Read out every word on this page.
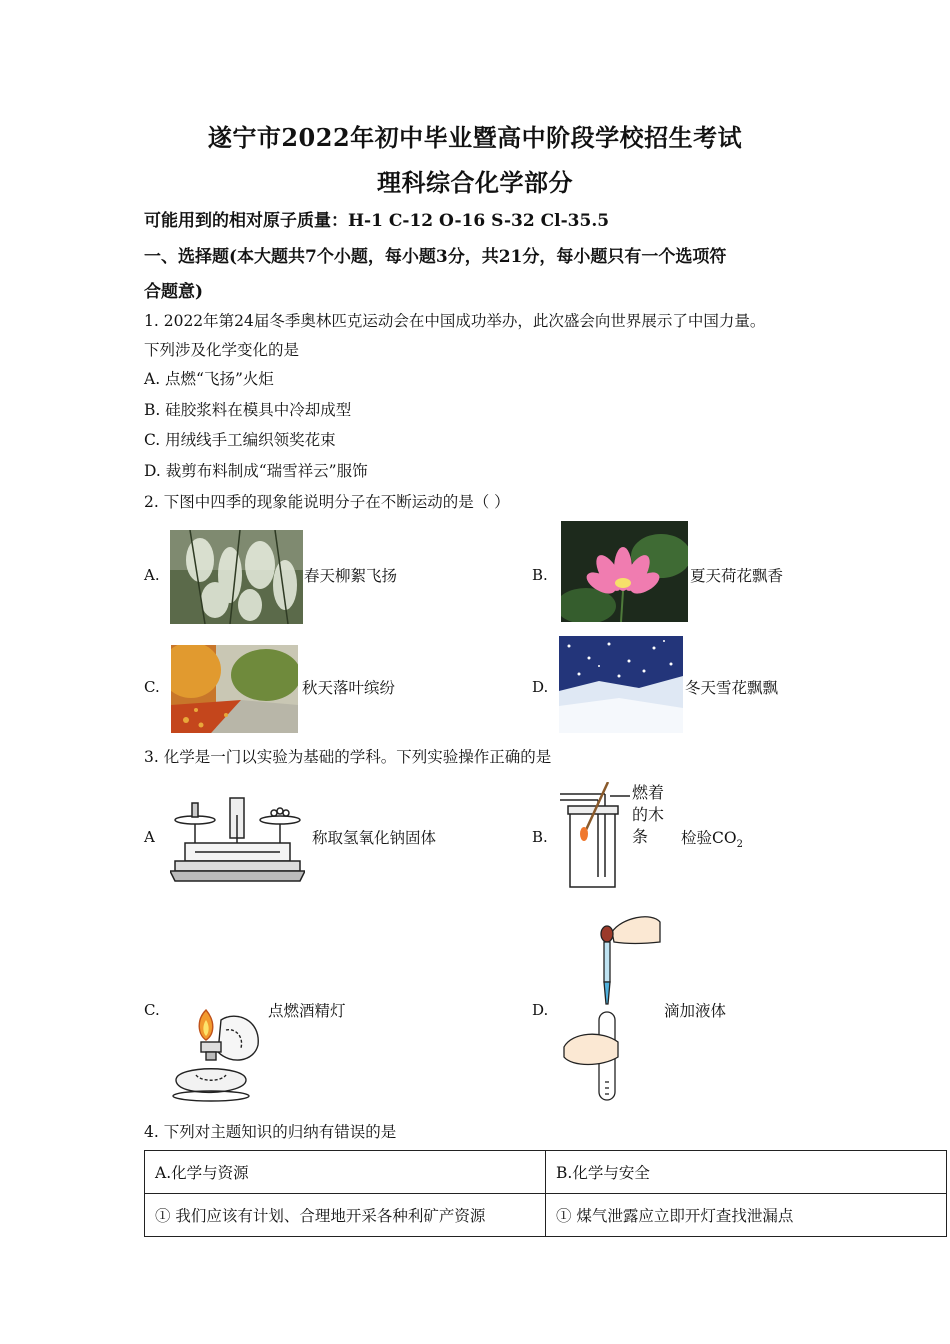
遂宁市2022年初中毕业暨高中阶段学校招生考试
理科综合化学部分
可能用到的相对原子质量：H-1 C-12 O-16 S-32 Cl-35.5
一、选择题(本大题共7个小题，每小题3分，共21分，每小题只有一个选项符
合题意)
1. 2022年第24届冬季奥林匹克运动会在中国成功举办，此次盛会向世界展示了中国力量。
下列涉及化学变化的是
A. 点燃“飞扬”火炬
B. 硅胶浆料在模具中冷却成型
C. 用绒线手工编织领奖花束
D. 裁剪布料制成“瑞雪祥云”服饰
2. 下图中四季的现象能说明分子在不断运动的是（ ）
A.	春天柳絮飞扬	B.	夏天荷花飘香
C.	秋天落叶缤纷	D.	冬天雪花飘飘
3. 化学是一门以实验为基础的学科。下列实验操作正确的是
A	称取氢氧化钠固体	B.
燃着
的木
条	检验$CO_2$
C.	点燃酒精灯	D.	滴加液体
4. 下列对主题知识的归纳有错误的是
A.化学与资源	B.化学与安全
① 我们应该有计划、合理地开采各种利矿产资源	① 煤气泄露应立即开灯查找泄漏点
